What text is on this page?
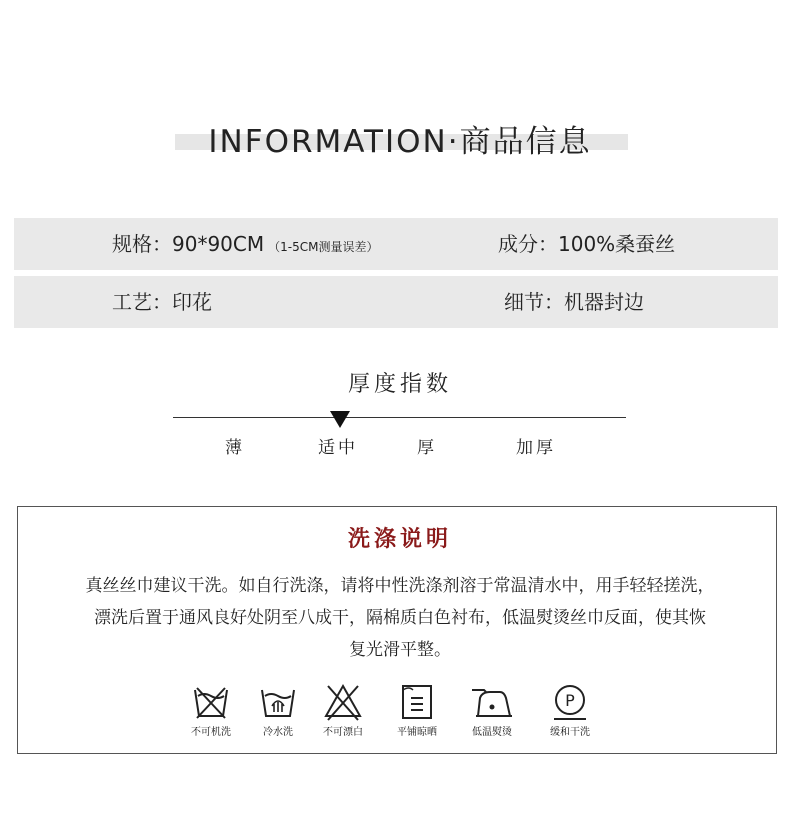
INFORMATION·商品信息
规格：90*90CM （1-5CM测量误差）	成分：100%桑蚕丝
工艺：印花	细节：机器封边
厚度指数
薄	适中	厚	加厚
洗涤说明
真丝丝巾建议干洗。如自行洗涤，请将中性洗涤剂溶于常温清水中，用手轻轻搓洗，
漂洗后置于通风良好处阴至八成干，隔棉质白色衬布，低温熨烫丝巾反面，使其恢
复光滑平整。
不可机洗	冷水洗	不可漂白	平铺晾晒	低温熨烫
P
缓和干洗
